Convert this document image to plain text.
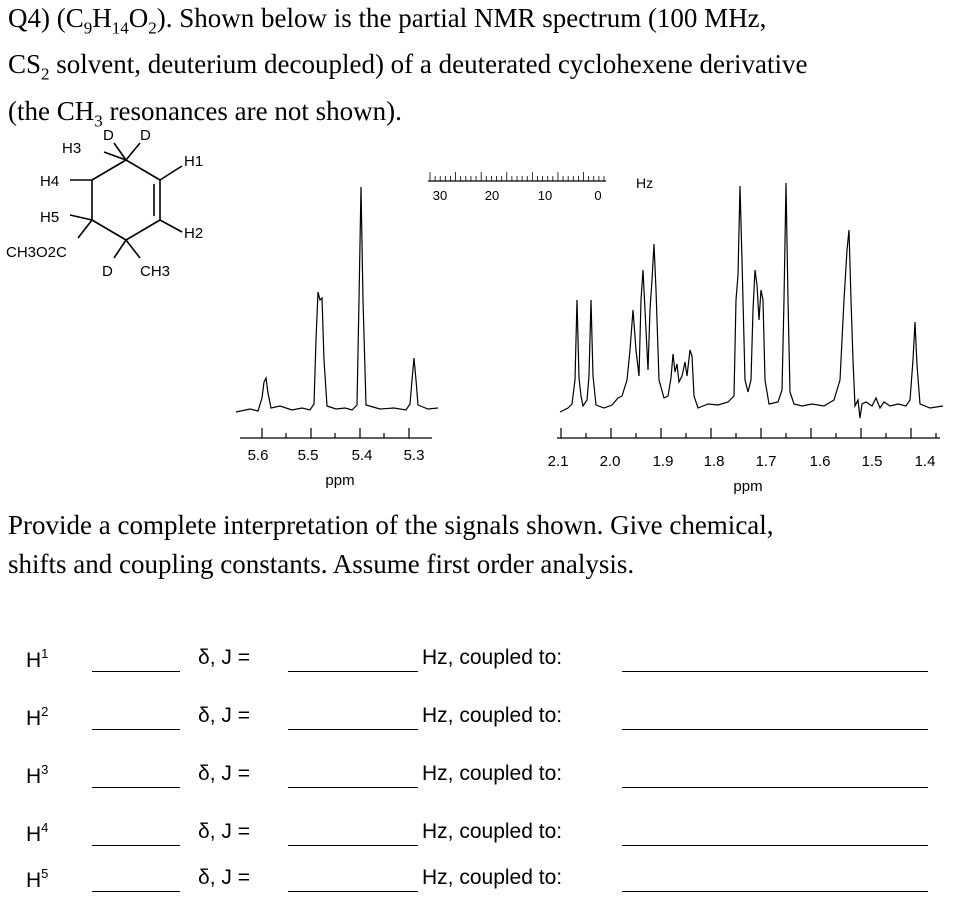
Q4) $(C_9H_{14}O_2)$. Shown below is the partial NMR spectrum (100 MHz,
$CS_2$ solvent, deuterium decoupled) of a deuterated cyclohexene derivative
(the $CH_3$ resonances are not shown).

H3
H4
H5
H1
H2
D D
D
CH3O2C
CH3
30	20	10	0
Hz
5.6 5.5 5.4 5.3
ppm
2.1 2.0 1.9 1.8 1.7 1.6 1.5 1.4
ppm

Provide a complete interpretation of the signals shown. Give chemical,
shifts and coupling constants. Assume first order analysis.

$H^1$	δ, J =	Hz, coupled to:
$H^2$	δ, J =	Hz, coupled to:
$H^3$	δ, J =	Hz, coupled to:
$H^4$	δ, J =	Hz, coupled to:
$H^5$	δ, J =	Hz, coupled to:
